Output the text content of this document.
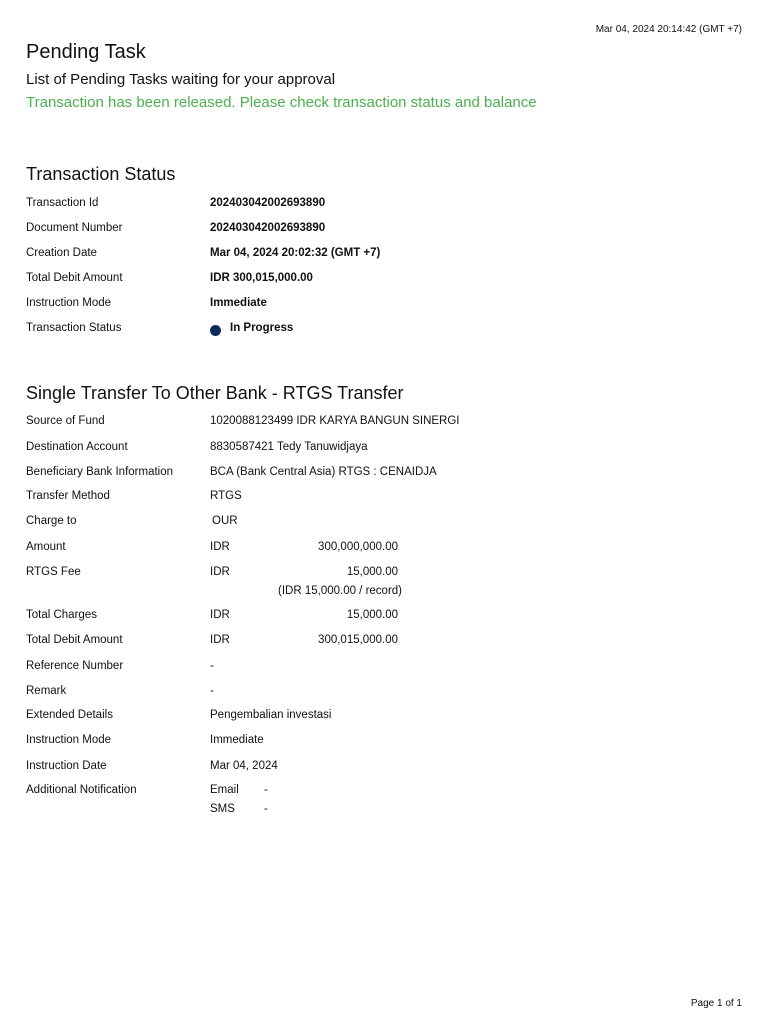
Mar 04, 2024 20:14:42 (GMT +7)
Pending Task
List of Pending Tasks waiting for your approval
Transaction has been released. Please check transaction status and balance
Transaction Status
Transaction Id	202403042002693890
Document Number	202403042002693890
Creation Date	Mar 04, 2024 20:02:32 (GMT +7)
Total Debit Amount	IDR 300,015,000.00
Instruction Mode	Immediate
Transaction Status	In Progress
Single Transfer To Other Bank - RTGS Transfer
Source of Fund	1020088123499 IDR KARYA BANGUN SINERGI
Destination Account	8830587421 Tedy Tanuwidjaya
Beneficiary Bank Information	BCA (Bank Central Asia) RTGS : CENAIDJA
Transfer Method	RTGS
Charge to	OUR
Amount	IDR	300,000,000.00
RTGS Fee	IDR	15,000.00
(IDR 15,000.00 / record)
Total Charges	IDR	15,000.00
Total Debit Amount	IDR	300,015,000.00
Reference Number	-
Remark	-
Extended Details	Pengembalian investasi
Instruction Mode	Immediate
Instruction Date	Mar 04, 2024
Additional Notification	Email -
SMS	-
Page 1 of 1
